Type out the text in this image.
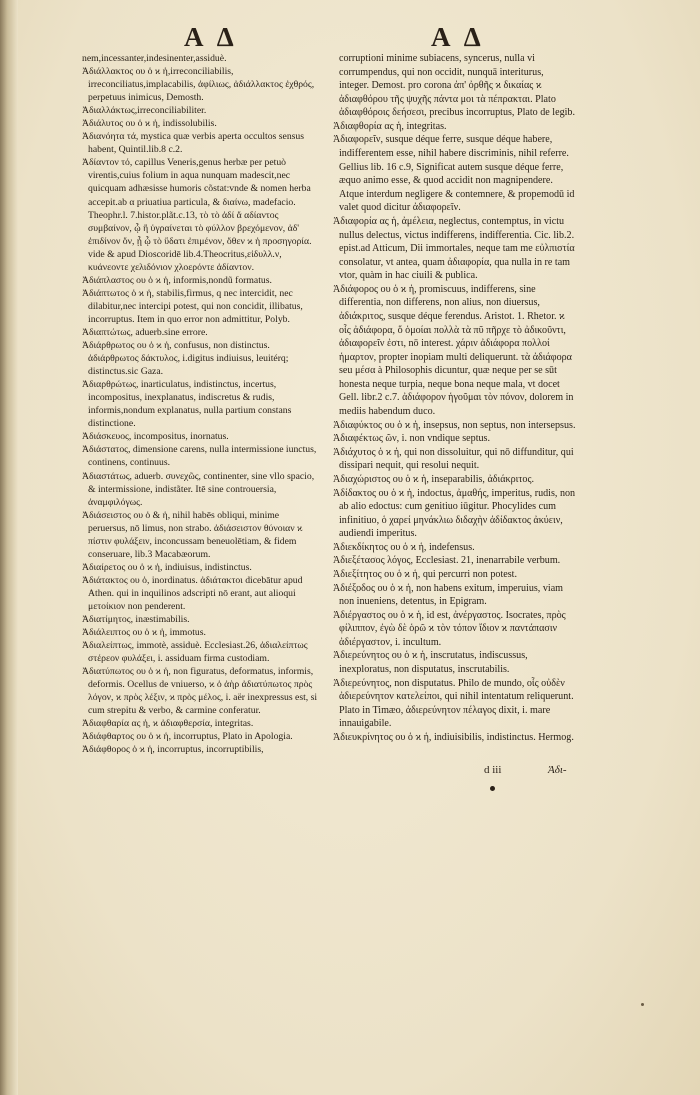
A Δ	A Δ

nem,incessanter,indesinenter,assiduè.

Ἀδιάλλακτος ου ὁ ϰ ἡ,irreconciliabilis, irreconciliatus,implacabilis, ἀφίλιως, ἀδιάλλακτος ἐχθρός, perpetuus inimicus, Demosth.

Ἀδιαλλάκτως,irreconciliabiliter.

Ἀδιάλυτος ου ὁ ϰ ἡ, indissolubilis.

Ἀδιανόητα τά, mystica quæ verbis aperta occultos sensus habent, Quintil.lib.8 c.2.

Ἀδίαντον τό, capillus Veneris,genus herbæ per petuò virentis,cuius folium in aqua nunquam madescit,nec quicquam adhæsisse humoris cõstat:vnde & nomen herba accepit.ab α priuatiua particula, & διαίνω, madefacio. Theophr.l. 7.histor.plãt.c.13, τὸ τὸ ἀδί ἄ αδίαντος συμβαίνον, ᾧ ἢ ὑγραίνεται τὸ φύλλον βρεχόμενον, ἀδ' ἐπιδίνον ὄν, ᾗ ᾧ τὸ ὕδατι ἐπιμένον, ὅθεν ϰ ἡ προσηγορία. vide & apud Dioscoridē lib.4.Theocritus,εἰδυλλ.ν, κυάνεοντε χελιδόνιον χλοερόντε ἀδίαντον.

Ἀδιάπλαστος ου ὁ ϰ ἡ, informis,nondũ formatus.

Ἀδιάπτωτος ὁ ϰ ἡ, stabilis,firmus, q nec intercidit, nec dilabitur,nec intercipi potest, qui non concidit, illibatus, incorruptus. Item in quo error non admittitur, Polyb.

Ἀδιαπτώτως, aduerb.sine errore.

Ἀδιάρθρωτος ου ὁ ϰ ἡ, confusus, non distinctus. ἀδιάρθρωτος δάκτυλος, i.digitus indiuisus, leuitérq; distinctus.sic Gaza.

Ἀδιαρθρώτως, inarticulatus, indistinctus, incertus, incompositus, inexplanatus, indiscretus & rudis, informis,nondum explanatus, nulla partium constans distinctione.

Ἀδιάσκευος, incompositus, inornatus.

Ἀδιάστατος, dimensione carens, nulla intermissione iunctus, continens, continuus.

Ἀδιαστάτως, aduerb. συνεχῶς, continenter, sine vllo spacio, & intermissione, indistãter. Itē sine controuersia, ἀναμφιλόγως.

Ἀδιάσειστος ου ὁ & ἡ, nihil habēs obliqui, minime peruersus, nō limus, non strabo. ἀδιάσειστον θύνοιαν ϰ πίστιν φυλάξειν, inconcussam beneuolētiam, & fidem conseruare, lib.3 Macabæorum.

Ἀδιαίρετος ου ὁ ϰ ἡ, indiuisus, indistinctus.

Ἀδιάτακτος ου ὁ, inordinatus. ἀδιάτακτοι dicebātur apud Athen. qui in inquilinos adscripti nō erant, aut alioqui μετοίκιον non penderent.

Ἀδιατίμητος, inæstimabilis.

Ἀδιάλειπτος ου ὁ ϰ ἡ, immotus.

Ἀδιαλείπτως, immotè, assiduè. Ecclesiast.26, ἀδιαλείπτως στέρεον φυλάξει, i. assiduam firma custodiam.

Ἀδιατύπωτος ου ὁ ϰ ἡ, non figuratus, deformatus, informis, deformis. Ocellus de vniuerso, ϰ ὁ ἀὴρ ἀδιατύπωτος πρὸς λόγον, ϰ πρὸς λέξιν, ϰ πρὸς μέλος, i. aër inexpressus est, si cum strepitu & verbo, & carmine conferatur.

Ἀδιαφθαρία ας ἡ, ϰ ἀδιαφθερσία, integritas.

Ἀδιάφθαρτος ου ὁ ϰ ἡ, incorruptus, Plato in Apologia.

Ἀδιάφθορος ὁ ϰ ἡ, incorruptus, incorruptibilis,

corruptioni minime subiacens, syncerus, nulla vi corrumpendus, qui non occidit, nunquā interiturus, integer. Demost. pro corona ἀπ' ὀρθῆς ϰ δικαίας ϰ ἀδιαφθόρου τῆς ψυχῆς πάντα μοι τὰ πέπρακται. Plato ἀδιαφθόροις δεήσεσι, precibus incorruptus, Plato de legib.

Ἀδιαφθορία ας ἡ, integritas.

Ἀδιαφορεῖν, susque déque ferre, susque déque habere, indifferentem esse, nihil habere discriminis, nihil referre. Gellius lib. 16 c.9, Significat autem susque déque ferre, æquo animo esse, & quod accidit non magnipendere. Atque interdum negligere & contemnere, & propemodū id valet quod dicitur ἀδιαφορεῖν.

Ἀδιαφορία ας ἡ, ἀμέλεια, neglectus, contemptus, in victu nullus delectus, victus indifferens, indifferentia. Cic. lib.2. epist.ad Atticum, Dii immortales, neque tam me εὐλπιστία consolatur, vt antea, quam ἀδιαφορία, qua nulla in re tam vtor, quàm in hac ciuili & publica.

Ἀδιάφορος ου ὁ ϰ ἡ, promiscuus, indifferens, sine differentia, non differens, non alius, non diuersus, ἀδιάκριτος, susque déque ferendus. Aristot. 1. Rhetor. ϰ οἷς ἀδιάφορα, ὅ ὁμοίαι πολλὰ τὰ πῦ πῆρχε τὸ ἀδικοῦντι, ἀδιαφορεῖν ἐστι, nō interest. χάριν ἀδιάφορα πολλοί ἡμαρτον, propter inopiam multi deliquerunt. τὰ ἀδιάφορα seu μέσα à Philosophis dicuntur, quæ neque per se sūt honesta neque turpia, neque bona neque mala, vt docet Gell. libr.2 c.7. ἀδιάφορον ἡγοῦμαι τὸν πόνον, dolorem in mediis habendum duco.

Ἀδιαφύκτος ου ὁ ϰ ἡ, insepsus, non septus, non intersepsus.

Ἀδιαφέκτως ῶν, i. non vndique septus.

Ἀδιάχυτος ὁ ϰ ἡ, qui non dissoluitur, qui nō diffunditur, qui dissipari nequit, qui resolui nequit.

Ἀδιαχώριστος ου ὁ ϰ ἡ, inseparabilis, ἀδιάκριτος.

Ἀδίδακτος ου ὁ ϰ ἡ, indoctus, ἀμαθής, imperitus, rudis, non ab alio edoctus: cum genitiuo iūgitur. Phocylides cum infinitiuo, ὁ χαρεί μηνάκλιω διδαχὴν ἀδίδακτος ἀκύειν, audiendi imperitus.

Ἀδιεκδίκητος ου ὁ ϰ ἡ, indefensus.

Ἀδιεξέτασος λόγος, Ecclesiast. 21, inenarrabile verbum.

Ἀδιεξίτητος ου ὁ ϰ ἡ, qui percurri non potest.

Ἀδιέξοδος ου ὁ ϰ ἡ, non habens exitum, imperuius, viam non inueniens, detentus, in Epigram.

Ἀδιέργαστος ου ὁ ϰ ἡ, id est, ἀνέργαστος. Isocrates, πρὸς φίλιππον, ἐγὼ δὲ ὁρῶ ϰ τὸν τόπον ἴδιον ϰ παντάπασιν ἀδιέργαστον, i. incultum.

Ἀδιερεύνητος ου ὁ ϰ ἡ, inscrutatus, indiscussus, inexploratus, non disputatus, inscrutabilis.

Ἀδιερεύνητος, non disputatus. Philo de mundo, οἷς οὐδὲν ἀδιερεύνητον κατελείποι, qui nihil intentatum reliquerunt. Plato in Timæo, ἀδιερεύνητον πέλαγος dixit, i. mare innauigabile.

Ἀδιευκρίνητος ου ὁ ϰ ἡ, indiuisibilis, indistinctus. Hermog.

d iii	Ἀδι-
